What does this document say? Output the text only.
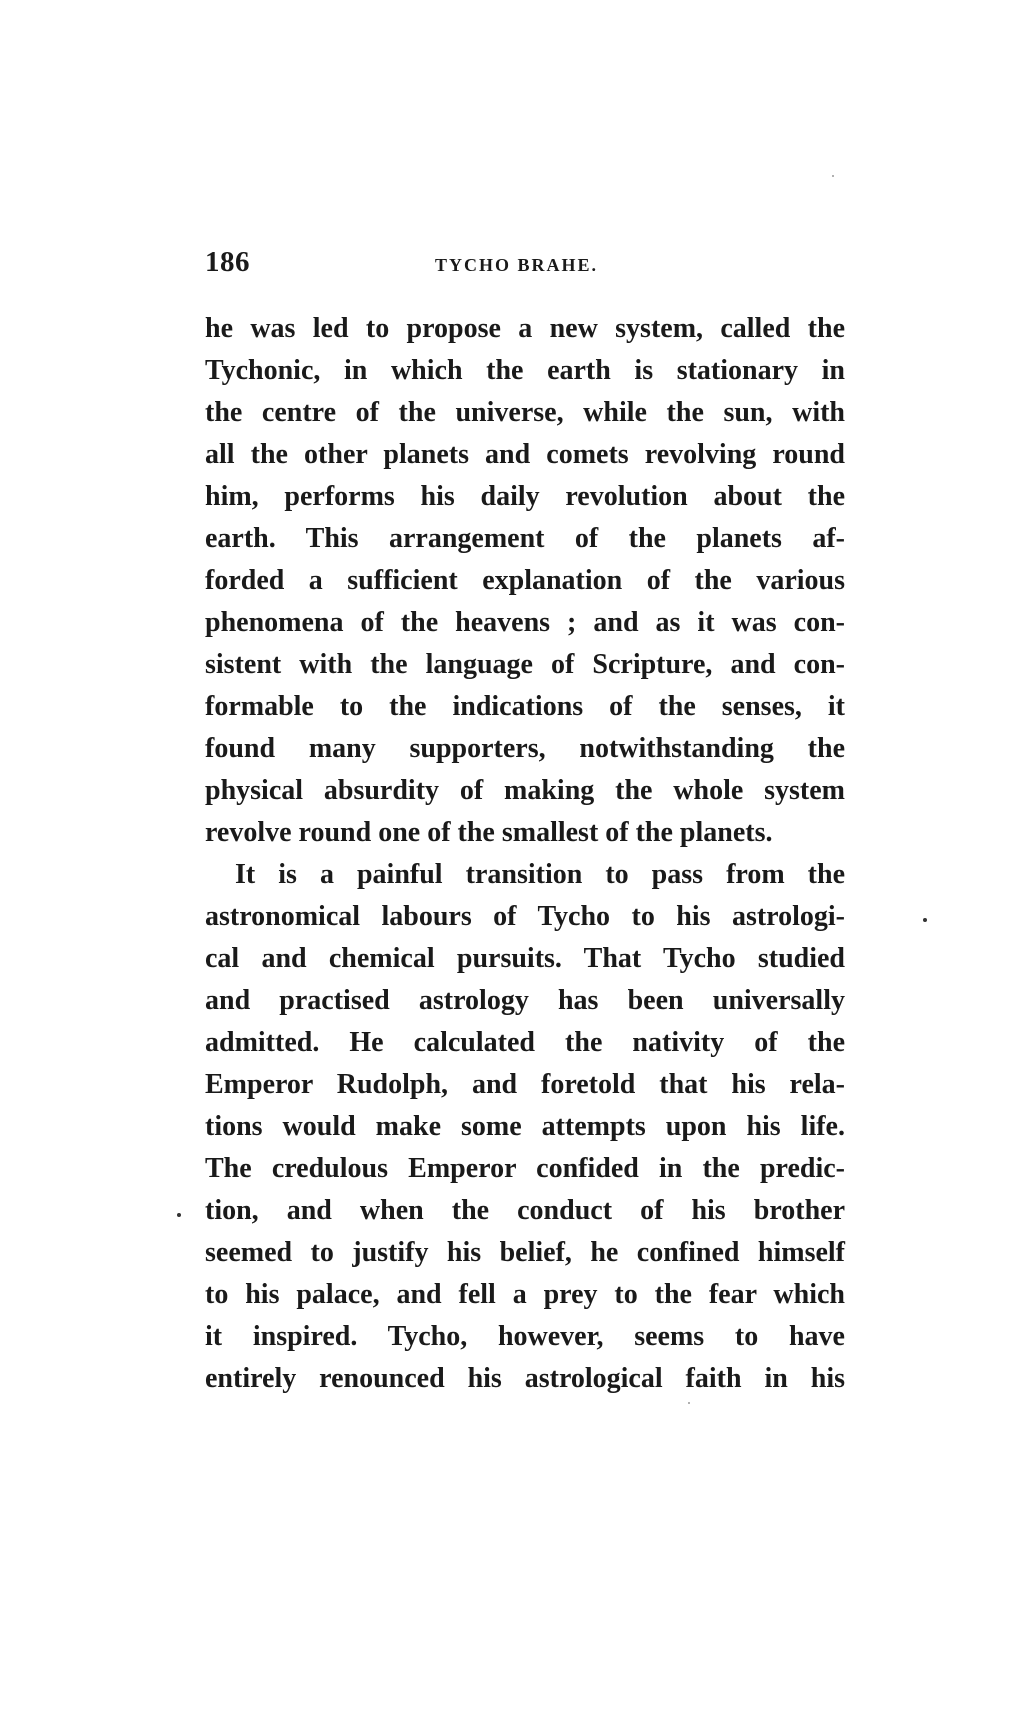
186	TYCHO BRAHE.
he was led to propose a new system, called the
Tychonic, in which the earth is stationary in
the centre of the universe, while the sun, with
all the other planets and comets revolving round
him, performs his daily revolution about the
earth. This arrangement of the planets af-
forded a sufficient explanation of the various
phenomena of the heavens ; and as it was con-
sistent with the language of Scripture, and con-
formable to the indications of the senses, it
found many supporters, notwithstanding the
physical absurdity of making the whole system
revolve round one of the smallest of the planets.
It is a painful transition to pass from the
astronomical labours of Tycho to his astrologi-
cal and chemical pursuits. That Tycho studied
and practised astrology has been universally
admitted. He calculated the nativity of the
Emperor Rudolph, and foretold that his rela-
tions would make some attempts upon his life.
The credulous Emperor confided in the predic-
tion, and when the conduct of his brother
seemed to justify his belief, he confined himself
to his palace, and fell a prey to the fear which
it inspired. Tycho, however, seems to have
entirely renounced his astrological faith in his
